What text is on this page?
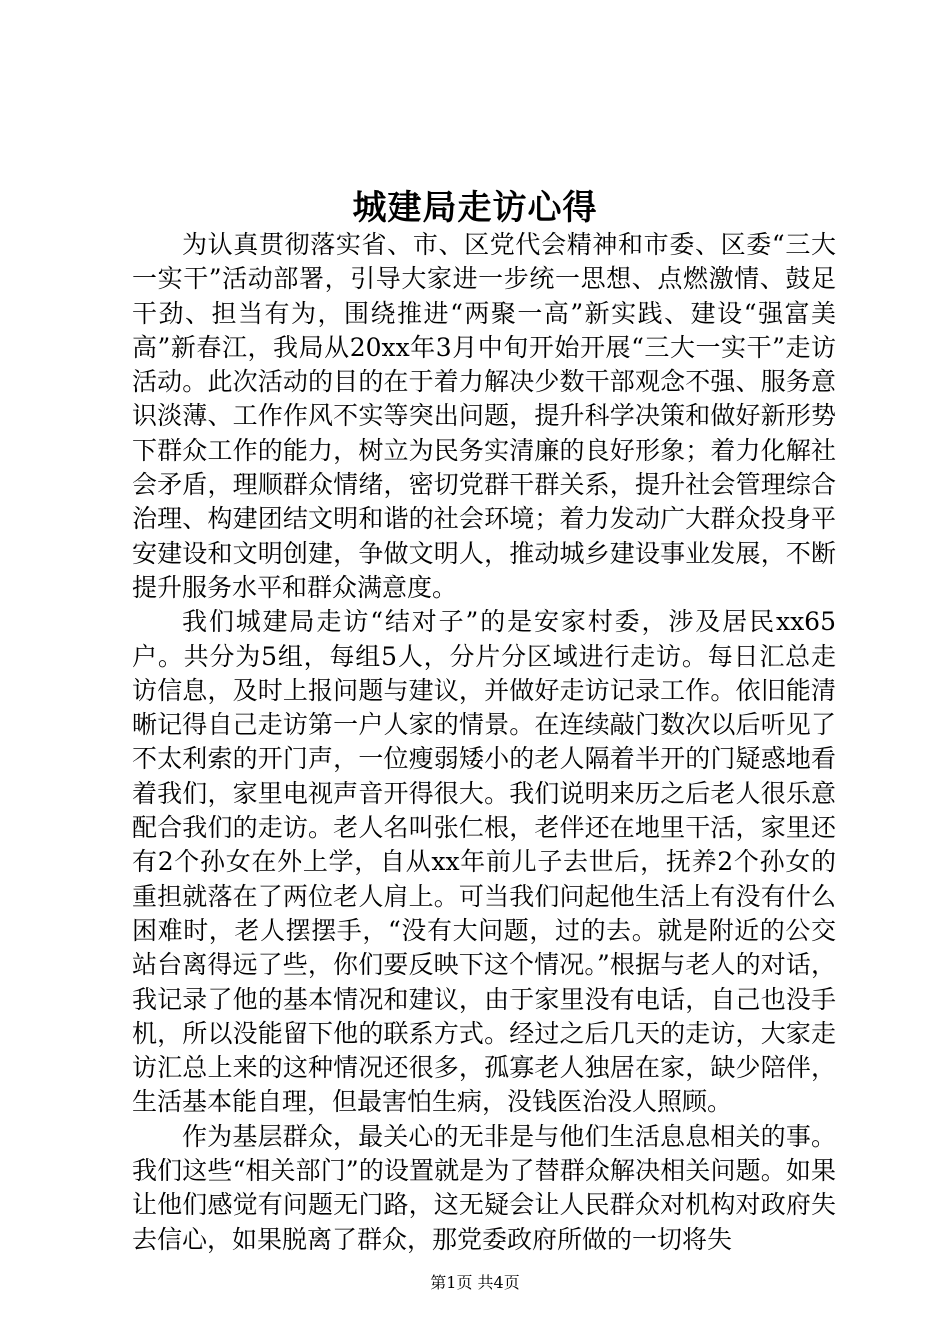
城建局走访心得

为认真贯彻落实省、市、区党代会精神和市委、区委“三大一实干”活动部署，引导大家进一步统一思想、点燃激情、鼓足干劲、担当有为，围绕推进“两聚一高”新实践、建设“强富美高”新春江，我局从20xx年3月中旬开始开展“三大一实干”走访活动。此次活动的目的在于着力解决少数干部观念不强、服务意识淡薄、工作作风不实等突出问题，提升科学决策和做好新形势下群众工作的能力，树立为民务实清廉的良好形象；着力化解社会矛盾，理顺群众情绪，密切党群干群关系，提升社会管理综合治理、构建团结文明和谐的社会环境；着力发动广大群众投身平安建设和文明创建，争做文明人，推动城乡建设事业发展，不断提升服务水平和群众满意度。

我们城建局走访“结对子”的是安家村委，涉及居民xx65户。共分为5组，每组5人，分片分区域进行走访。每日汇总走访信息，及时上报问题与建议，并做好走访记录工作。依旧能清晰记得自己走访第一户人家的情景。在连续敲门数次以后听见了不太利索的开门声，一位瘦弱矮小的老人隔着半开的门疑惑地看着我们，家里电视声音开得很大。我们说明来历之后老人很乐意配合我们的走访。老人名叫张仁根，老伴还在地里干活，家里还有2个孙女在外上学，自从xx年前儿子去世后，抚养2个孙女的重担就落在了两位老人肩上。可当我们问起他生活上有没有什么困难时，老人摆摆手，“没有大问题，过的去。就是附近的公交站台离得远了些，你们要反映下这个情况。”根据与老人的对话，我记录了他的基本情况和建议，由于家里没有电话，自己也没手机，所以没能留下他的联系方式。经过之后几天的走访，大家走访汇总上来的这种情况还很多，孤寡老人独居在家，缺少陪伴，生活基本能自理，但最害怕生病，没钱医治没人照顾。

作为基层群众，最关心的无非是与他们生活息息相关的事。我们这些“相关部门”的设置就是为了替群众解决相关问题。如果让他们感觉有问题无门路，这无疑会让人民群众对机构对政府失去信心，如果脱离了群众，那党委政府所做的一切将失

第1页 共4页
